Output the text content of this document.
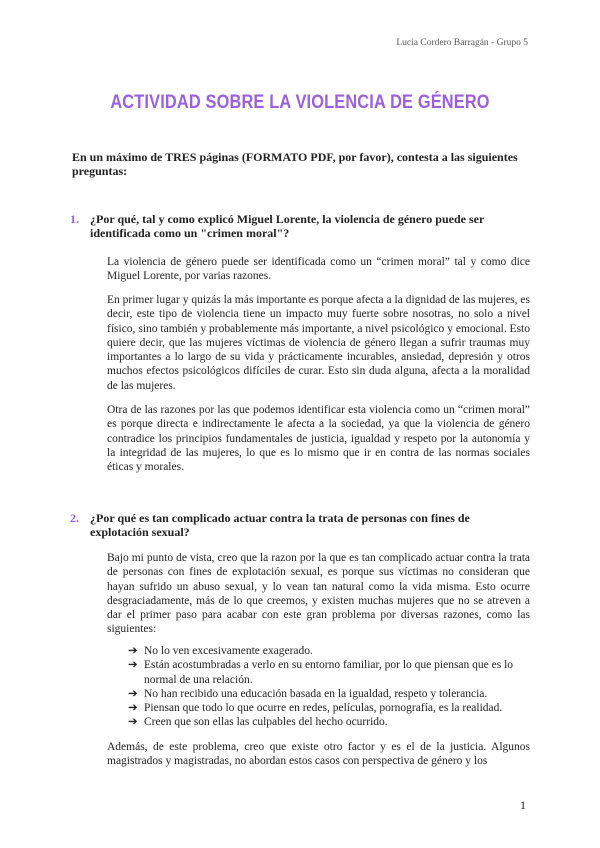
Lucía Cordero Barragán - Grupo 5
ACTIVIDAD SOBRE LA VIOLENCIA DE GÉNERO
En un máximo de TRES páginas (FORMATO PDF, por favor), contesta a las siguientes preguntas:
1. ¿Por qué, tal y como explicó Miguel Lorente, la violencia de género puede ser identificada como un "crimen moral"?
La violencia de género puede ser identificada como un “crimen moral” tal y como dice Miguel Lorente, por varias razones.
En primer lugar y quizás la más importante es porque afecta a la dignidad de las mujeres, es decir, este tipo de violencia tiene un impacto muy fuerte sobre nosotras, no solo a nivel físico, sino también y probablemente más importante, a nivel psicológico y emocional. Esto quiere decir, que las mujeres víctimas de violencia de género llegan a sufrir traumas muy importantes a lo largo de su vida y prácticamente incurables, ansiedad, depresión y otros muchos efectos psicológicos difíciles de curar. Esto sin duda alguna, afecta a la moralidad de las mujeres.
Otra de las razones por las que podemos identificar esta violencia como un “crimen moral” es porque directa e indirectamente le afecta a la sociedad, ya que la violencia de género contradice los principios fundamentales de justicia, igualdad y respeto por la autonomía y la integridad de las mujeres, lo que es lo mismo que ir en contra de las normas sociales éticas y morales.
2. ¿Por qué es tan complicado actuar contra la trata de personas con fines de explotación sexual?
Bajo mi punto de vista, creo que la razon por la que es tan complicado actuar contra la trata de personas con fines de explotación sexual, es porque sus víctimas no consideran que hayan sufrido un abuso sexual, y lo vean tan natural como la vida misma. Esto ocurre desgraciadamente, más de lo que creemos, y existen muchas mujeres que no se atreven a dar el primer paso para acabar con este gran problema por diversas razones, como las siguientes:
➔ No lo ven excesivamente exagerado.
➔ Están acostumbradas a verlo en su entorno familiar, por lo que piensan que es lo normal de una relación.
➔ No han recibido una educación basada en la igualdad, respeto y tolerancia.
➔ Piensan que todo lo que ocurre en redes, películas, pornografía, es la realidad.
➔ Creen que son ellas las culpables del hecho ocurrido.
Además, de este problema, creo que existe otro factor y es el de la justicia. Algunos magistrados y magistradas, no abordan estos casos con perspectiva de género y los
1
